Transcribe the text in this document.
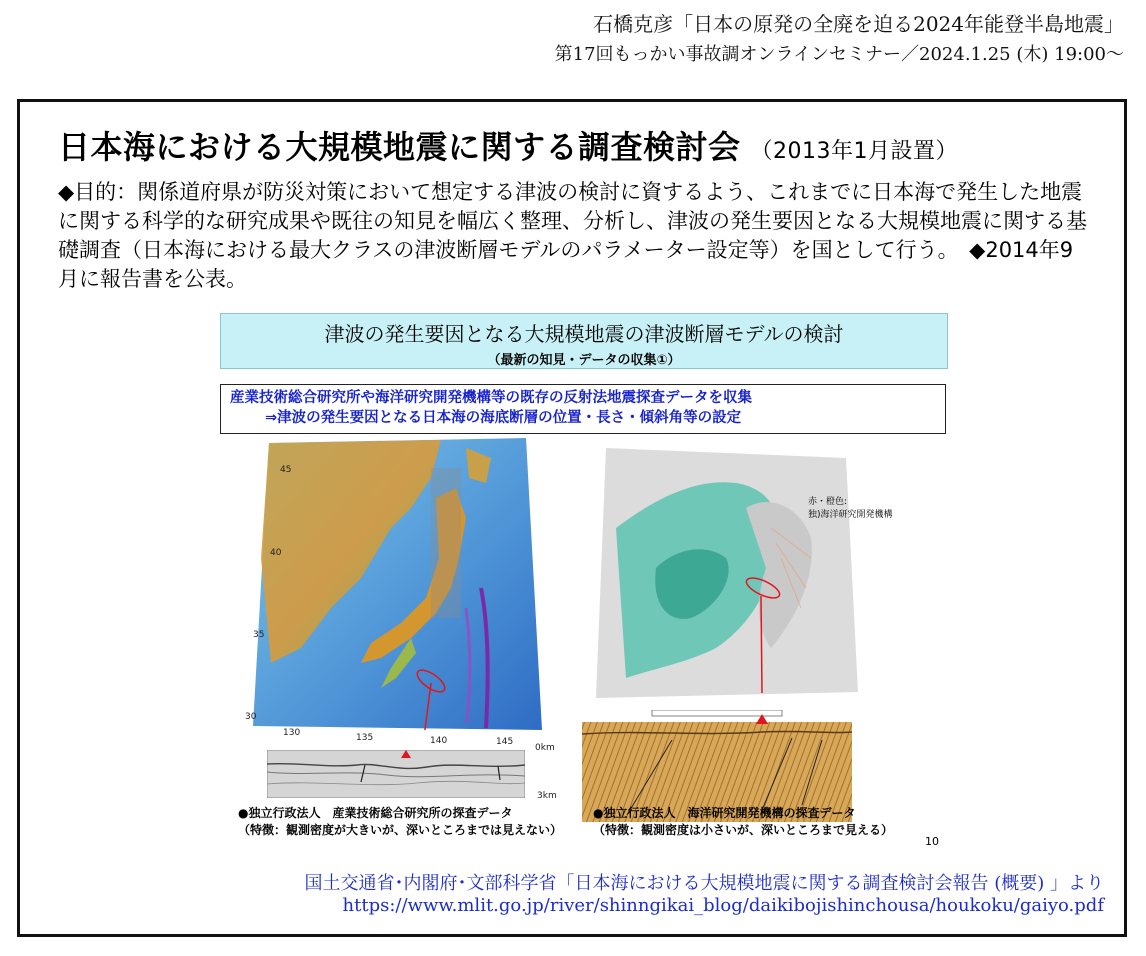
石橋克彦「日本の原発の全廃を迫る2024年能登半島地震」
第17回もっかい事故調オンラインセミナー／2024.1.25 (木) 19:00〜
日本海における大規模地震に関する調査検討会 （2013年1月設置）
◆目的：関係道府県が防災対策において想定する津波の検討に資するよう、これまでに日本海で発生した地震に関する科学的な研究成果や既往の知見を幅広く整理、分析し、津波の発生要因となる大規模地震に関する基礎調査（日本海における最大クラスの津波断層モデルのパラメーター設定等）を国として行う。　◆2014年9月に報告書を公表。
津波の発生要因となる大規模地震の津波断層モデルの検討
（最新の知見・データの収集①）
産業技術総合研究所や海洋研究開発機構等の既存の反射法地震探査データを収集
⇒津波の発生要因となる日本海の海底断層の位置・長さ・傾斜角等の設定
45
40
35
30
130	135	140	145
0km
3km
赤・橙色:
独)海洋研究開発機構
●独立行政法人　産業技術総合研究所の探査データ
（特徴：観測密度が大きいが、深いところまでは見えない）
●独立行政法人　海洋研究開発機構の探査データ
（特徴：観測密度は小さいが、深いところまで見える）
10
国土交通省･内閣府･文部科学省「日本海における大規模地震に関する調査検討会報告 (概要) 」より
https://www.mlit.go.jp/river/shinngikai_blog/daikibojishinchousa/houkoku/gaiyo.pdf
